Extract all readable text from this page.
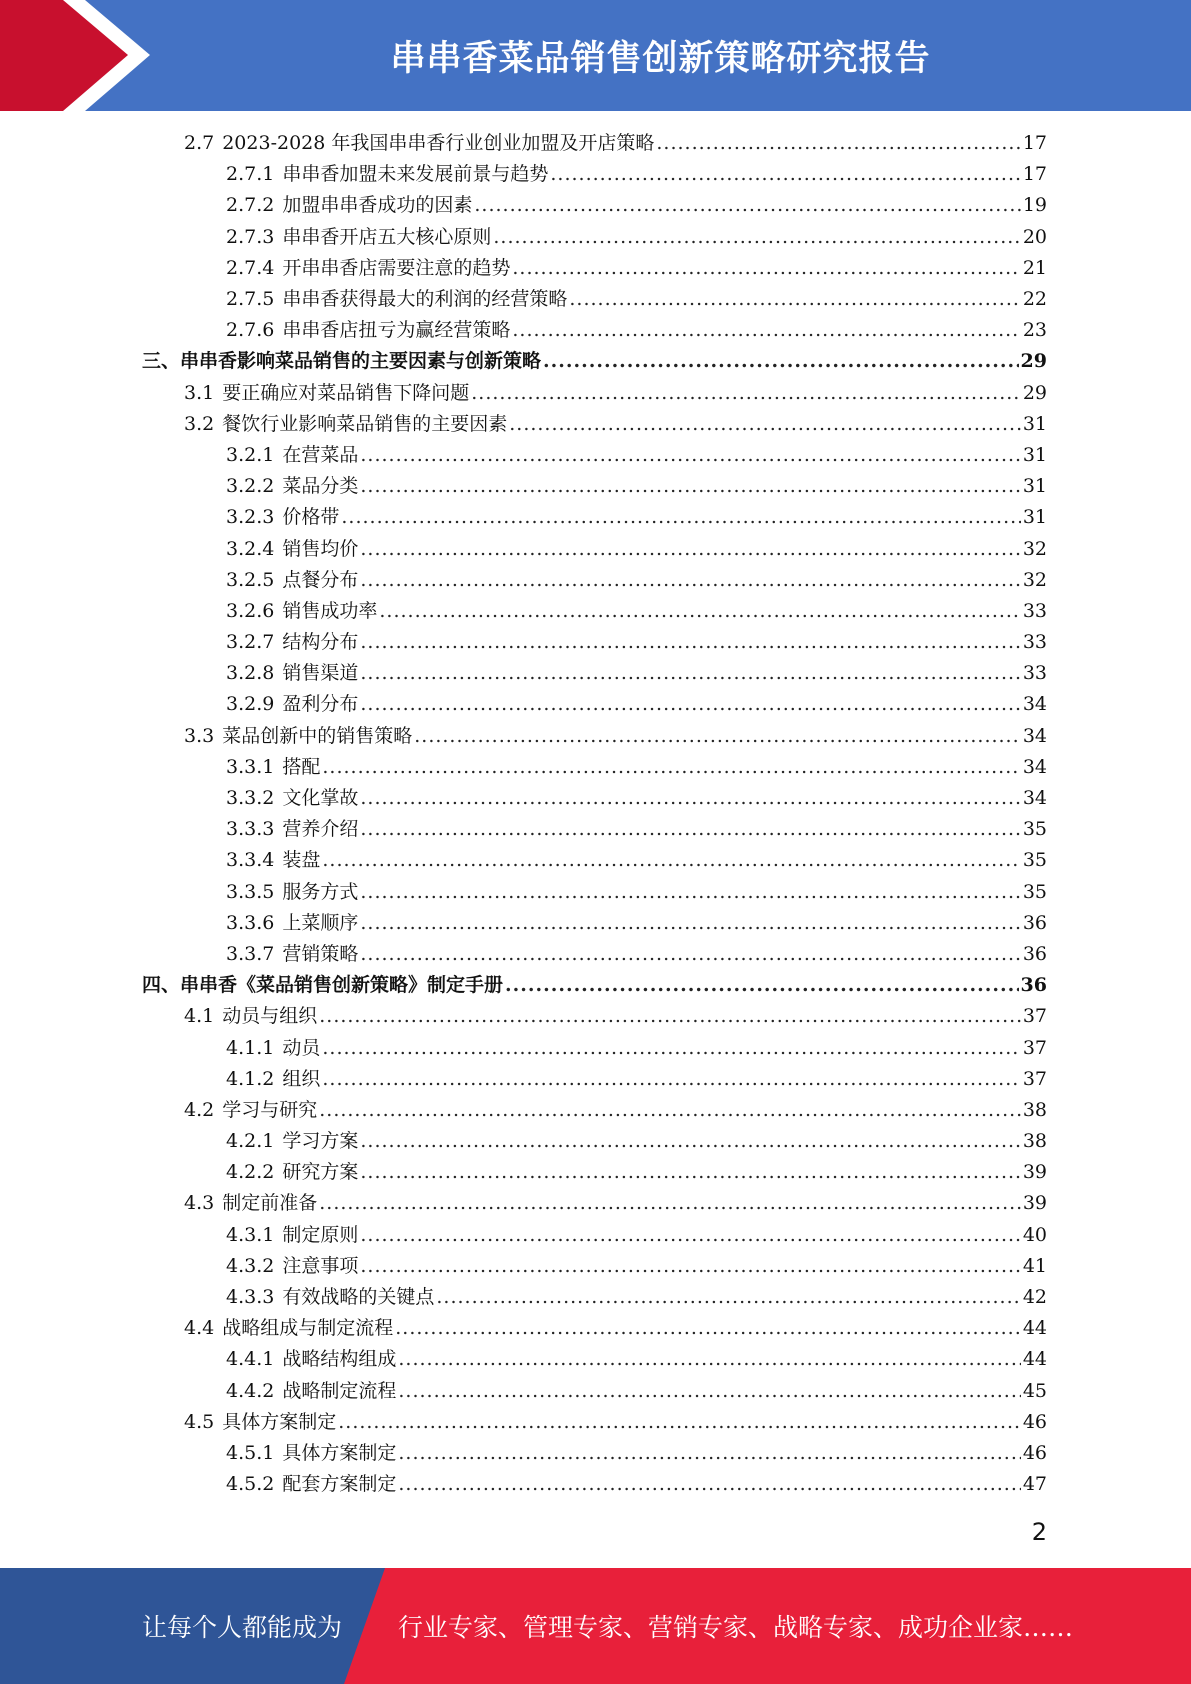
串串香菜品销售创新策略研究报告
2.7 2023-2028 年我国串串香行业创业加盟及开店策略 .....	17
2.7.1 串串香加盟未来发展前景与趋势 .....	17
2.7.2 加盟串串香成功的因素 .....	19
2.7.3 串串香开店五大核心原则 .....	20
2.7.4 开串串香店需要注意的趋势 .....	21
2.7.5 串串香获得最大的利润的经营策略 .....	22
2.7.6 串串香店扭亏为赢经营策略 .....	23
三、 串串香影响菜品销售的主要因素与创新策略 .....	29
3.1 要正确应对菜品销售下降问题 .....	29
3.2 餐饮行业影响菜品销售的主要因素 .....	31
3.2.1 在营菜品 .....	31
3.2.2 菜品分类 .....	31
3.2.3 价格带 .....	31
3.2.4 销售均价 .....	32
3.2.5 点餐分布 .....	32
3.2.6 销售成功率 .....	33
3.2.7 结构分布 .....	33
3.2.8 销售渠道 .....	33
3.2.9 盈利分布 .....	34
3.3 菜品创新中的销售策略 .....	34
3.3.1 搭配 .....	34
3.3.2 文化掌故 .....	34
3.3.3 营养介绍 .....	35
3.3.4 装盘 .....	35
3.3.5 服务方式 .....	35
3.3.6 上菜顺序 .....	36
3.3.7 营销策略 .....	36
四、 串串香《菜品销售创新策略》制定手册 .....	36
4.1 动员与组织 .....	37
4.1.1 动员 .....	37
4.1.2 组织 .....	37
4.2 学习与研究 .....	38
4.2.1 学习方案 .....	38
4.2.2 研究方案 .....	39
4.3 制定前准备 .....	39
4.3.1 制定原则 .....	40
4.3.2 注意事项 .....	41
4.3.3 有效战略的关键点 .....	42
4.4 战略组成与制定流程 .....	44
4.4.1 战略结构组成 .....	44
4.4.2 战略制定流程 .....	45
4.5 具体方案制定 .....	46
4.5.1 具体方案制定 .....	46
4.5.2 配套方案制定 .....	47
2
让每个人都能成为 行业专家、管理专家、营销专家、战略专家、成功企业家……
